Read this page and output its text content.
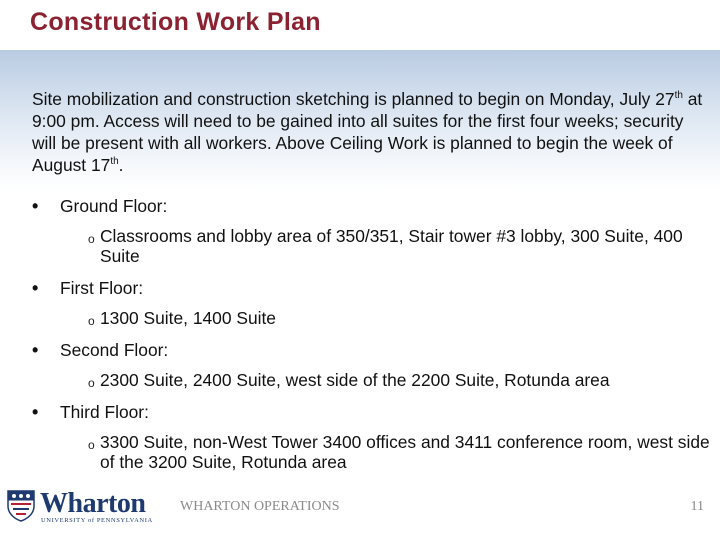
Construction Work Plan

Site mobilization and construction sketching is planned to begin on Monday, July 27th at 9:00 pm. Access will need to be gained into all suites for the first four weeks; security will be present with all workers. Above Ceiling Work is planned to begin the week of August 17th.

• Ground Floor:
o Classrooms and lobby area of 350/351, Stair tower #3 lobby, 300 Suite, 400 Suite
• First Floor:
o 1300 Suite, 1400 Suite
• Second Floor:
o 2300 Suite, 2400 Suite, west side of the 2200 Suite, Rotunda area
• Third Floor:
o 3300 Suite, non-West Tower 3400 offices and 3411 conference room, west side of the 3200 Suite, Rotunda area
Wharton
UNIVERSITY of PENNSYLVANIA
WHARTON OPERATIONS	11
